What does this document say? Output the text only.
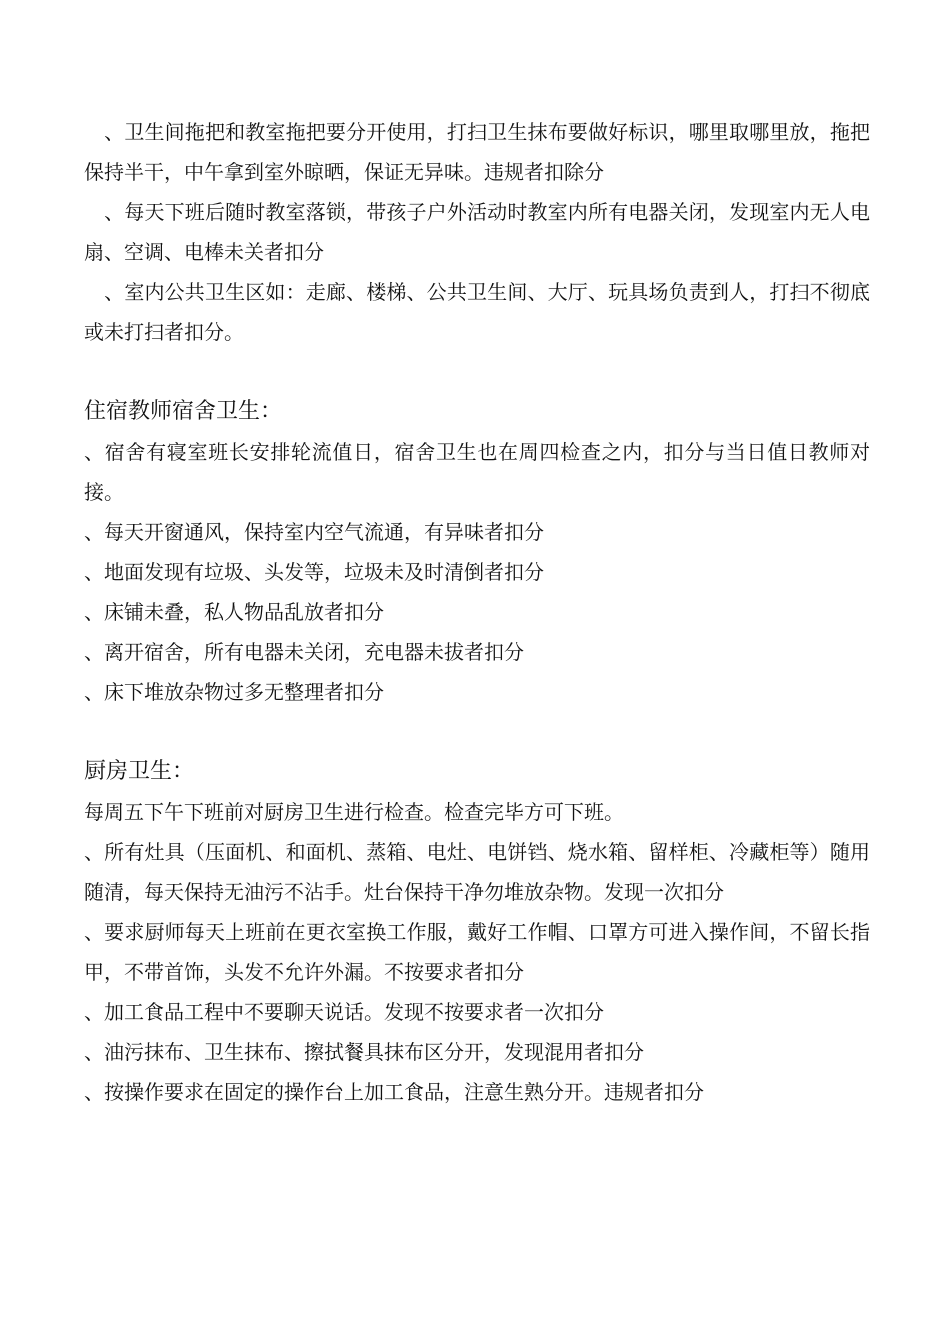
　、卫生间拖把和教室拖把要分开使用，打扫卫生抹布要做好标识，哪里取哪里放，拖把保持半干，中午拿到室外晾晒，保证无异味。违规者扣除分

　、每天下班后随时教室落锁，带孩子户外活动时教室内所有电器关闭，发现室内无人电扇、空调、电棒未关者扣分

　、室内公共卫生区如：走廊、楼梯、公共卫生间、大厅、玩具场负责到人，打扫不彻底或未打扫者扣分。

住宿教师宿舍卫生：

、宿舍有寝室班长安排轮流值日，宿舍卫生也在周四检查之内，扣分与当日值日教师对接。

、每天开窗通风，保持室内空气流通，有异味者扣分

、地面发现有垃圾、头发等，垃圾未及时清倒者扣分

、床铺未叠，私人物品乱放者扣分

、离开宿舍，所有电器未关闭，充电器未拔者扣分

、床下堆放杂物过多无整理者扣分

厨房卫生：

每周五下午下班前对厨房卫生进行检查。检查完毕方可下班。

、所有灶具（压面机、和面机、蒸箱、电灶、电饼铛、烧水箱、留样柜、冷藏柜等）随用随清，每天保持无油污不沾手。灶台保持干净勿堆放杂物。发现一次扣分

、要求厨师每天上班前在更衣室换工作服，戴好工作帽、口罩方可进入操作间，不留长指甲，不带首饰，头发不允许外漏。不按要求者扣分

、加工食品工程中不要聊天说话。发现不按要求者一次扣分

、油污抹布、卫生抹布、擦拭餐具抹布区分开，发现混用者扣分

、按操作要求在固定的操作台上加工食品，注意生熟分开。违规者扣分
